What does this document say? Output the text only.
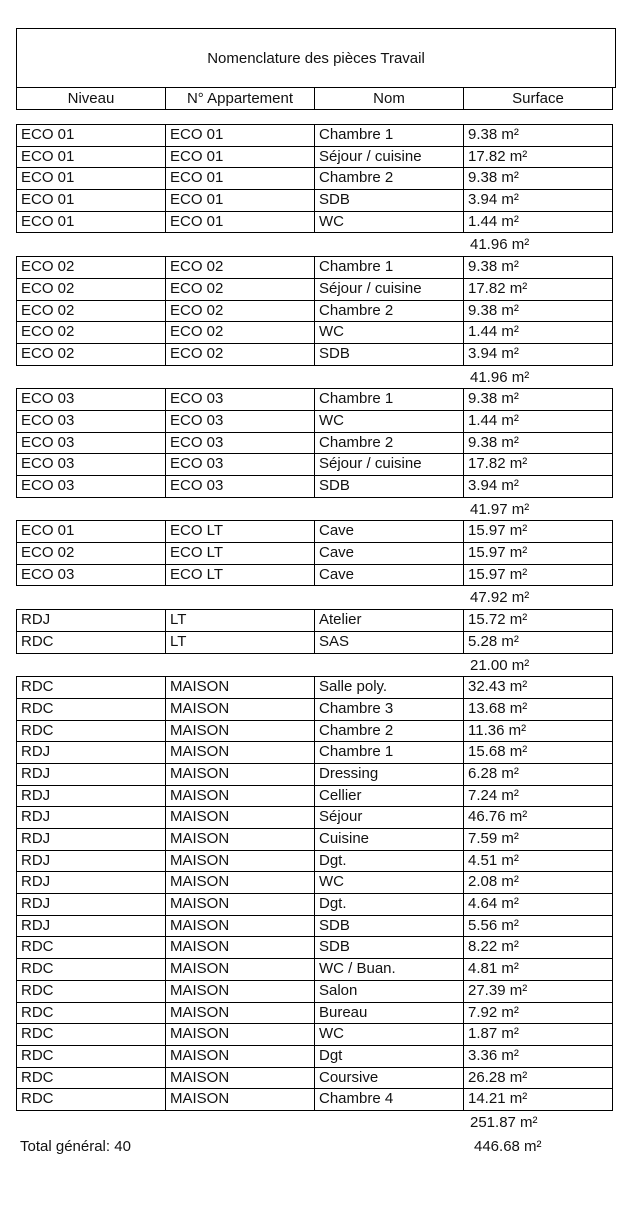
Nomenclature des pièces Travail
Niveau	N° Appartement	Nom	Surface
ECO 01	ECO 01	Chambre 1	9.38 m²
ECO 01	ECO 01	Séjour / cuisine	17.82 m²
ECO 01	ECO 01	Chambre 2	9.38 m²
ECO 01	ECO 01	SDB	3.94 m²
ECO 01	ECO 01	WC	1.44 m²
41.96 m²
ECO 02	ECO 02	Chambre 1	9.38 m²
ECO 02	ECO 02	Séjour / cuisine	17.82 m²
ECO 02	ECO 02	Chambre 2	9.38 m²
ECO 02	ECO 02	WC	1.44 m²
ECO 02	ECO 02	SDB	3.94 m²
41.96 m²
ECO 03	ECO 03	Chambre 1	9.38 m²
ECO 03	ECO 03	WC	1.44 m²
ECO 03	ECO 03	Chambre 2	9.38 m²
ECO 03	ECO 03	Séjour / cuisine	17.82 m²
ECO 03	ECO 03	SDB	3.94 m²
41.97 m²
ECO 01	ECO LT	Cave	15.97 m²
ECO 02	ECO LT	Cave	15.97 m²
ECO 03	ECO LT	Cave	15.97 m²
47.92 m²
RDJ	LT	Atelier	15.72 m²
RDC	LT	SAS	5.28 m²
21.00 m²
RDC	MAISON	Salle poly.	32.43 m²
RDC	MAISON	Chambre 3	13.68 m²
RDC	MAISON	Chambre 2	11.36 m²
RDJ	MAISON	Chambre 1	15.68 m²
RDJ	MAISON	Dressing	6.28 m²
RDJ	MAISON	Cellier	7.24 m²
RDJ	MAISON	Séjour	46.76 m²
RDJ	MAISON	Cuisine	7.59 m²
RDJ	MAISON	Dgt.	4.51 m²
RDJ	MAISON	WC	2.08 m²
RDJ	MAISON	Dgt.	4.64 m²
RDJ	MAISON	SDB	5.56 m²
RDC	MAISON	SDB	8.22 m²
RDC	MAISON	WC / Buan.	4.81 m²
RDC	MAISON	Salon	27.39 m²
RDC	MAISON	Bureau	7.92 m²
RDC	MAISON	WC	1.87 m²
RDC	MAISON	Dgt	3.36 m²
RDC	MAISON	Coursive	26.28 m²
RDC	MAISON	Chambre 4	14.21 m²
251.87 m²
Total général: 40	446.68 m²
